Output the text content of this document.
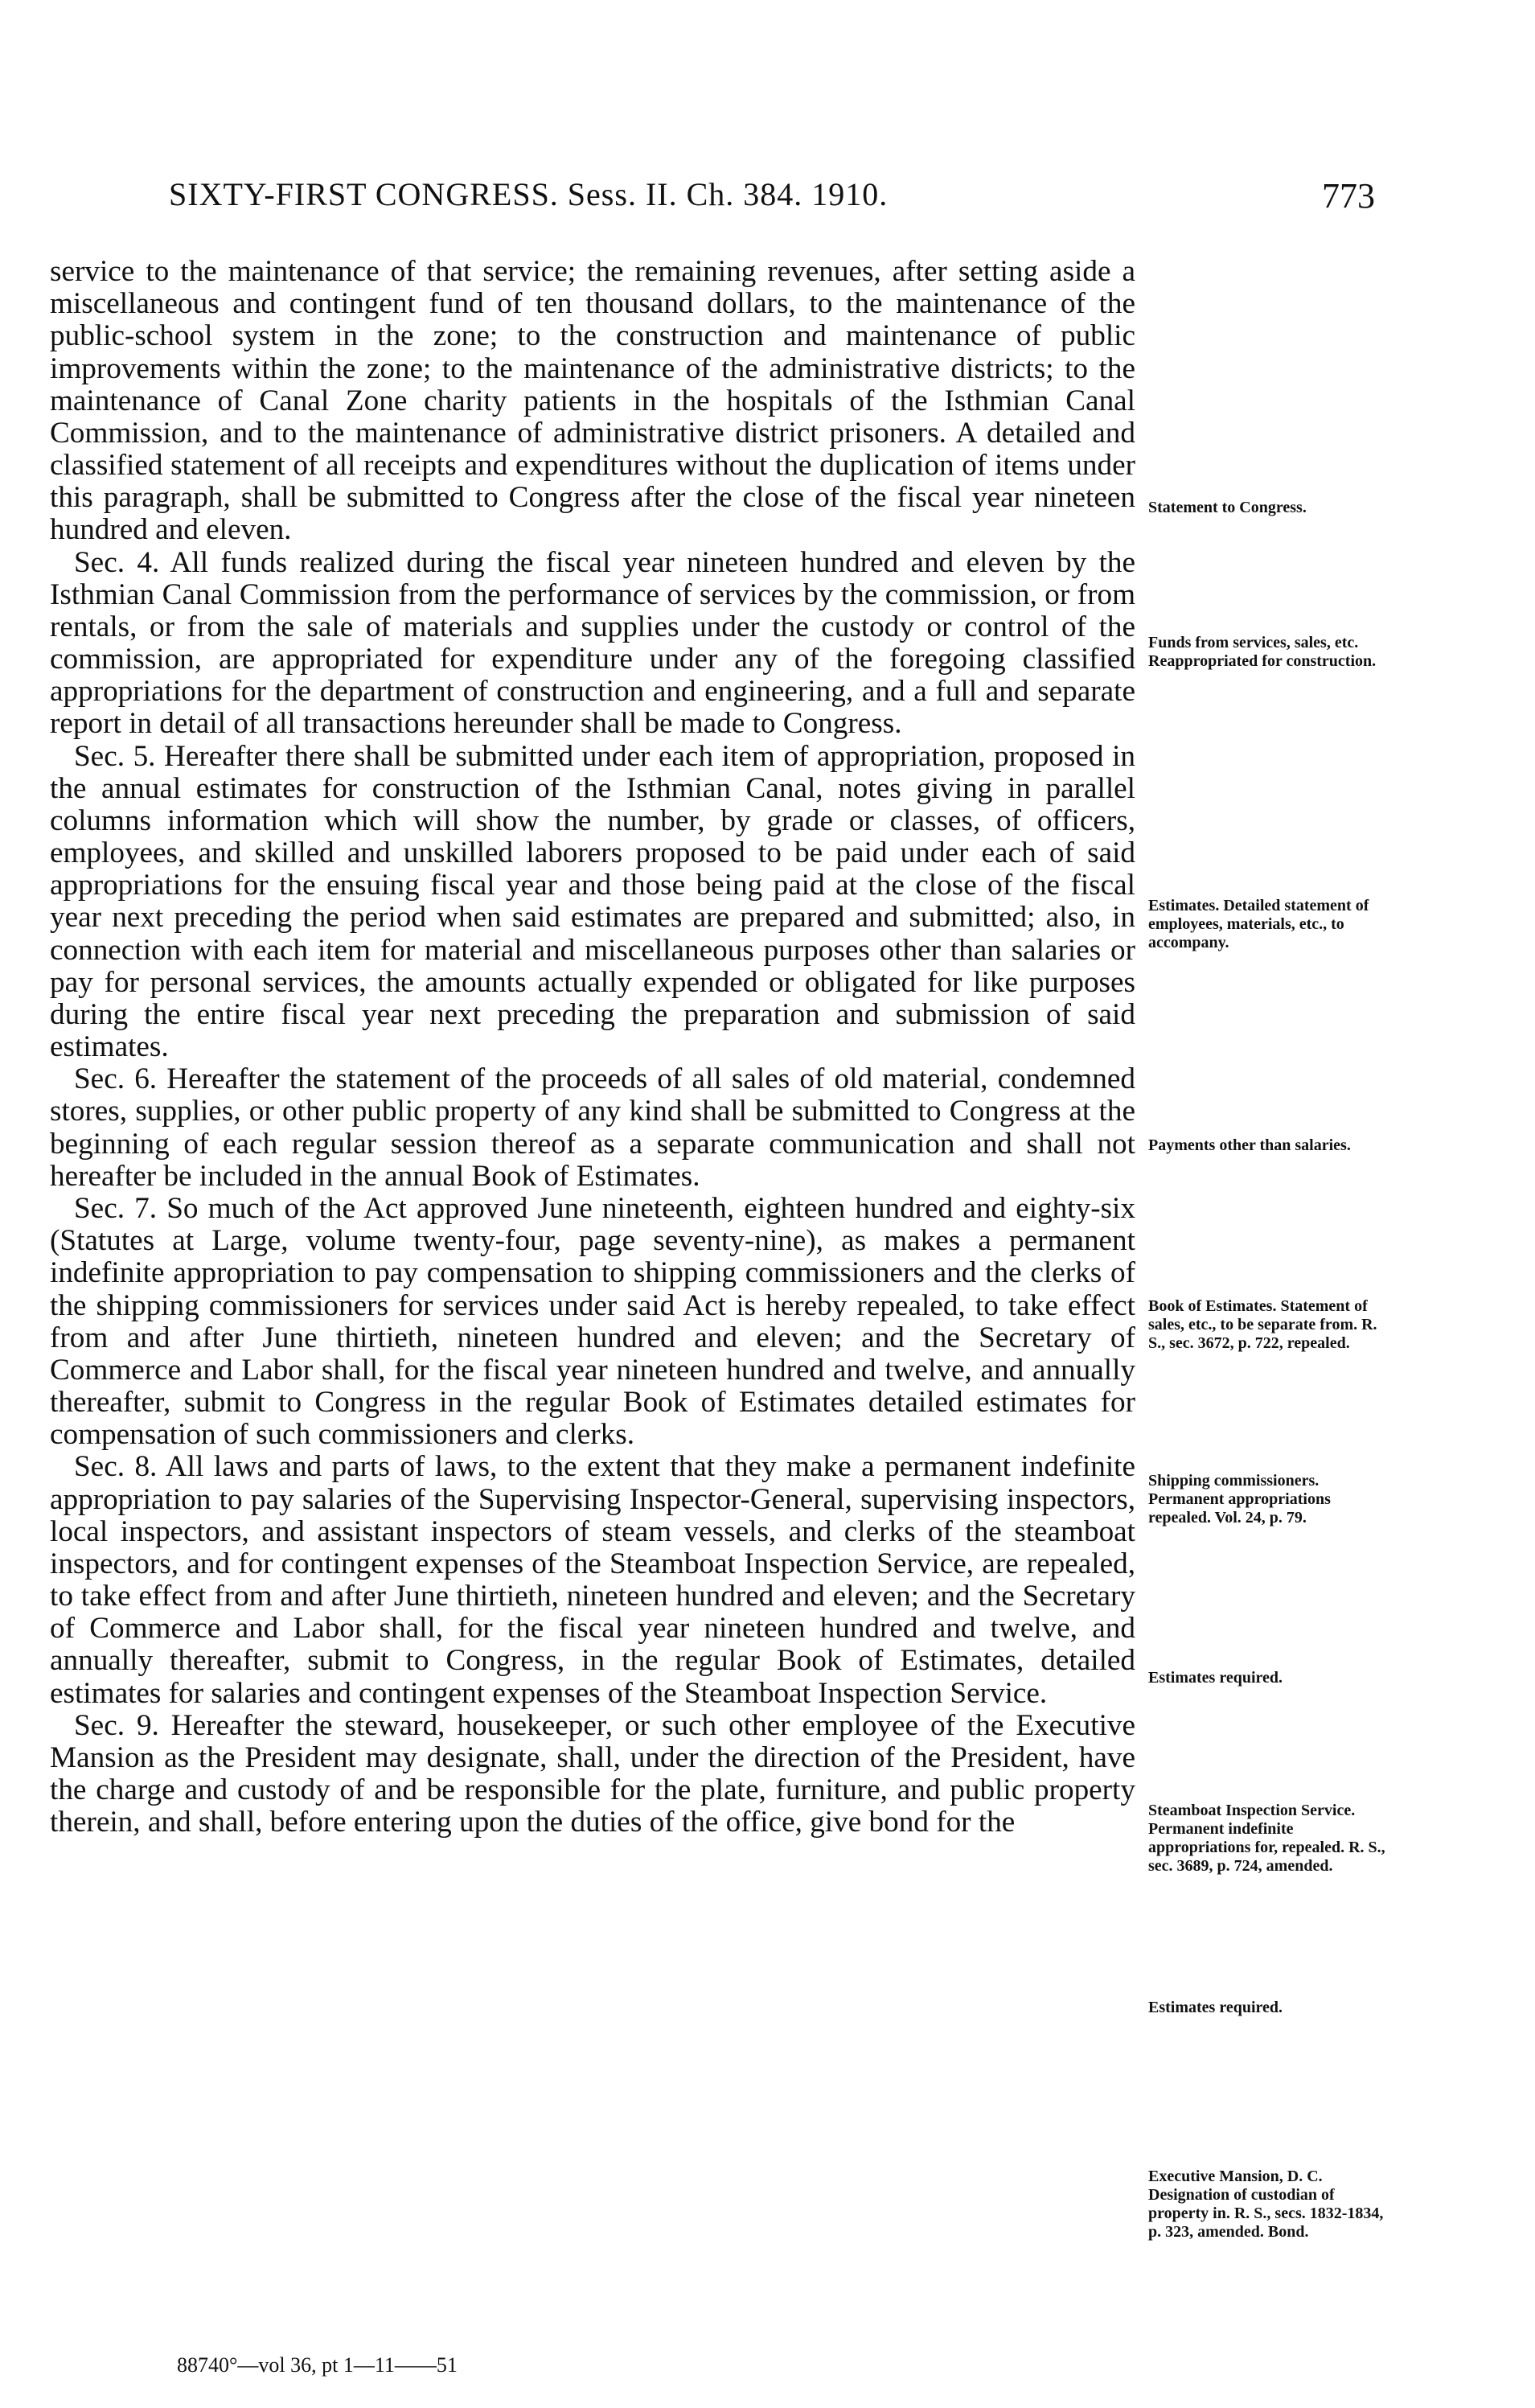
SIXTY-FIRST CONGRESS. Sess. II. Ch. 384. 1910.	773

service to the maintenance of that service; the remaining revenues, after setting aside a miscellaneous and contingent fund of ten thousand dollars, to the maintenance of the public-school system in the zone; to the construction and maintenance of public improvements within the zone; to the maintenance of the administrative districts; to the maintenance of Canal Zone charity patients in the hospitals of the Isthmian Canal Commission, and to the maintenance of administrative district prisoners. A detailed and classified statement of all receipts and expenditures without the duplication of items under this paragraph, shall be submitted to Congress after the close of the fiscal year nineteen hundred and eleven.

Sec. 4. All funds realized during the fiscal year nineteen hundred and eleven by the Isthmian Canal Commission from the performance of services by the commission, or from rentals, or from the sale of materials and supplies under the custody or control of the commission, are appropriated for expenditure under any of the foregoing classified appropriations for the department of construction and engineering, and a full and separate report in detail of all transactions hereunder shall be made to Congress.

Sec. 5. Hereafter there shall be submitted under each item of appropriation, proposed in the annual estimates for construction of the Isthmian Canal, notes giving in parallel columns information which will show the number, by grade or classes, of officers, employees, and skilled and unskilled laborers proposed to be paid under each of said appropriations for the ensuing fiscal year and those being paid at the close of the fiscal year next preceding the period when said estimates are prepared and submitted; also, in connection with each item for material and miscellaneous purposes other than salaries or pay for personal services, the amounts actually expended or obligated for like purposes during the entire fiscal year next preceding the preparation and submission of said estimates.

Sec. 6. Hereafter the statement of the proceeds of all sales of old material, condemned stores, supplies, or other public property of any kind shall be submitted to Congress at the beginning of each regular session thereof as a separate communication and shall not hereafter be included in the annual Book of Estimates.

Sec. 7. So much of the Act approved June nineteenth, eighteen hundred and eighty-six (Statutes at Large, volume twenty-four, page seventy-nine), as makes a permanent indefinite appropriation to pay compensation to shipping commissioners and the clerks of the shipping commissioners for services under said Act is hereby repealed, to take effect from and after June thirtieth, nineteen hundred and eleven; and the Secretary of Commerce and Labor shall, for the fiscal year nineteen hundred and twelve, and annually thereafter, submit to Congress in the regular Book of Estimates detailed estimates for compensation of such commissioners and clerks.

Sec. 8. All laws and parts of laws, to the extent that they make a permanent indefinite appropriation to pay salaries of the Supervising Inspector-General, supervising inspectors, local inspectors, and assistant inspectors of steam vessels, and clerks of the steamboat inspectors, and for contingent expenses of the Steamboat Inspection Service, are repealed, to take effect from and after June thirtieth, nineteen hundred and eleven; and the Secretary of Commerce and Labor shall, for the fiscal year nineteen hundred and twelve, and annually thereafter, submit to Congress, in the regular Book of Estimates, detailed estimates for salaries and contingent expenses of the Steamboat Inspection Service.

Sec. 9. Hereafter the steward, housekeeper, or such other employee of the Executive Mansion as the President may designate, shall, under the direction of the President, have the charge and custody of and be responsible for the plate, furniture, and public property therein, and shall, before entering upon the duties of the office, give bond for the

Statement to Congress.
Funds from services, sales, etc. Reappropriated for construction.
Estimates. Detailed statement of employees, materials, etc., to accompany.
Payments other than salaries.
Book of Estimates. Statement of sales, etc., to be separate from. R. S., sec. 3672, p. 722, repealed.
Shipping commissioners. Permanent appropriations repealed. Vol. 24, p. 79.
Estimates required.
Steamboat Inspection Service. Permanent indefinite appropriations for, repealed. R. S., sec. 3689, p. 724, amended.
Estimates required.
Executive Mansion, D. C. Designation of custodian of property in. R. S., secs. 1832-1834, p. 323, amended. Bond.
88740°—vol 36, pt 1—11——51
